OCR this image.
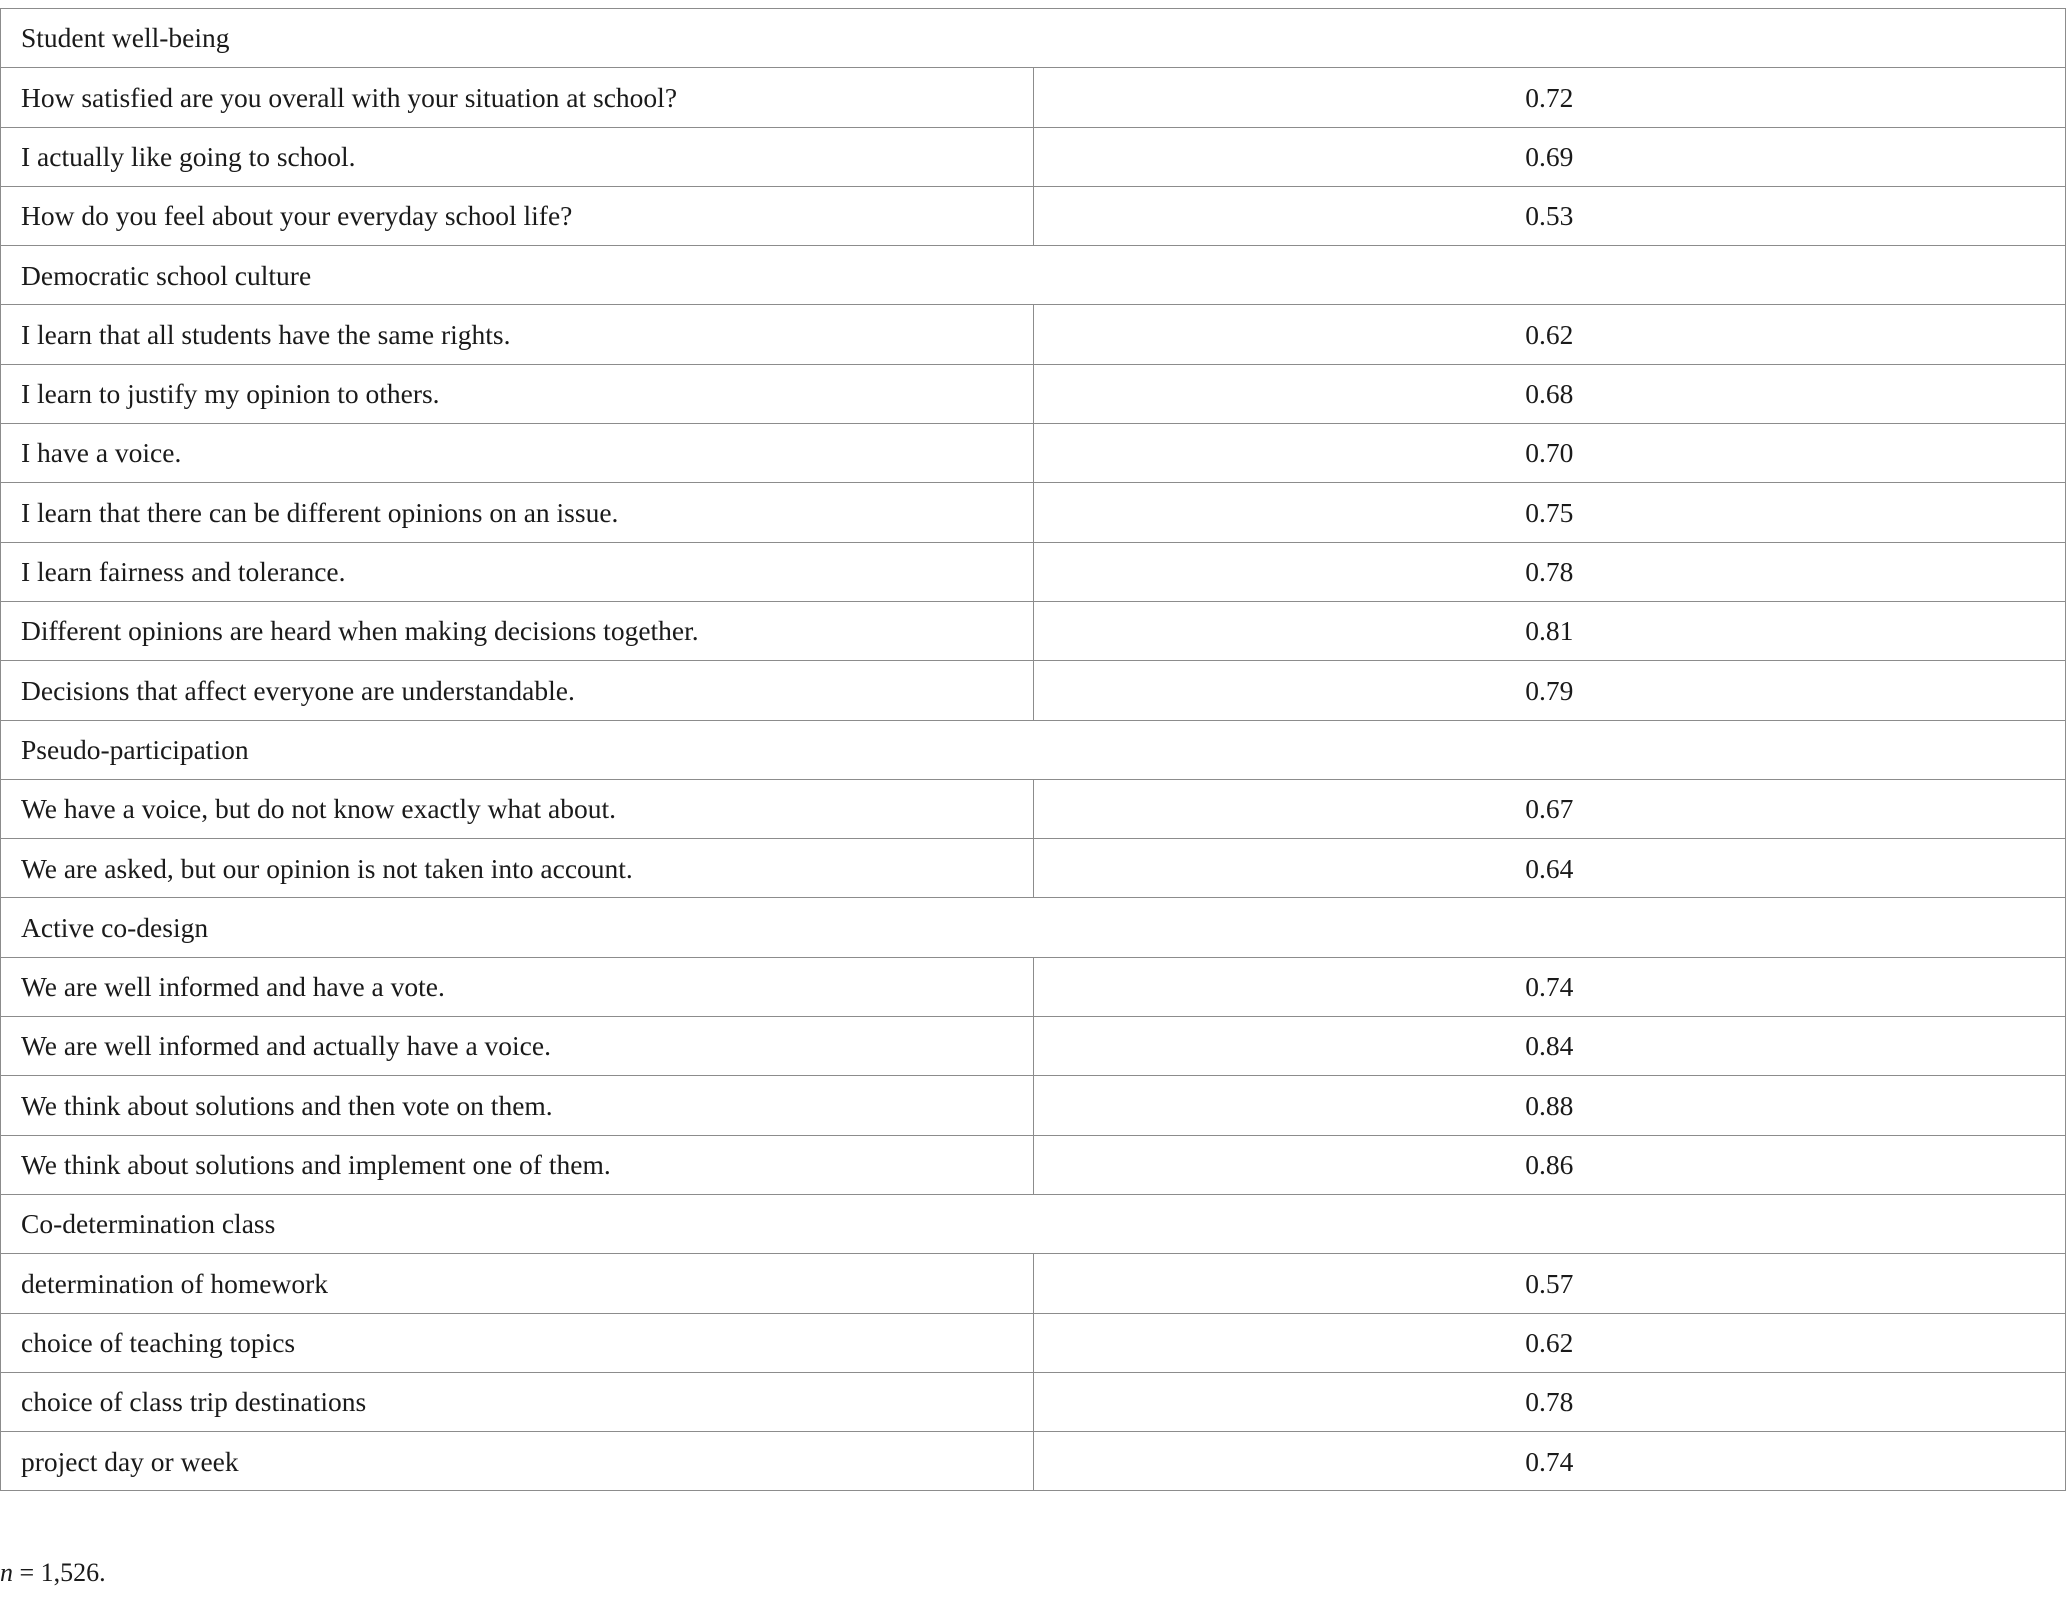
Student well-being	
How satisfied are you overall with your situation at school?	0.72
I actually like going to school.	0.69
How do you feel about your everyday school life?	0.53
Democratic school culture	
I learn that all students have the same rights.	0.62
I learn to justify my opinion to others.	0.68
I have a voice.	0.70
I learn that there can be different opinions on an issue.	0.75
I learn fairness and tolerance.	0.78
Different opinions are heard when making decisions together.	0.81
Decisions that affect everyone are understandable.	0.79
Pseudo-participation	
We have a voice, but do not know exactly what about.	0.67
We are asked, but our opinion is not taken into account.	0.64
Active co-design	
We are well informed and have a vote.	0.74
We are well informed and actually have a voice.	0.84
We think about solutions and then vote on them.	0.88
We think about solutions and implement one of them.	0.86
Co-determination class	
determination of homework	0.57
choice of teaching topics	0.62
choice of class trip destinations	0.78
project day or week	0.74
n = 1,526.
